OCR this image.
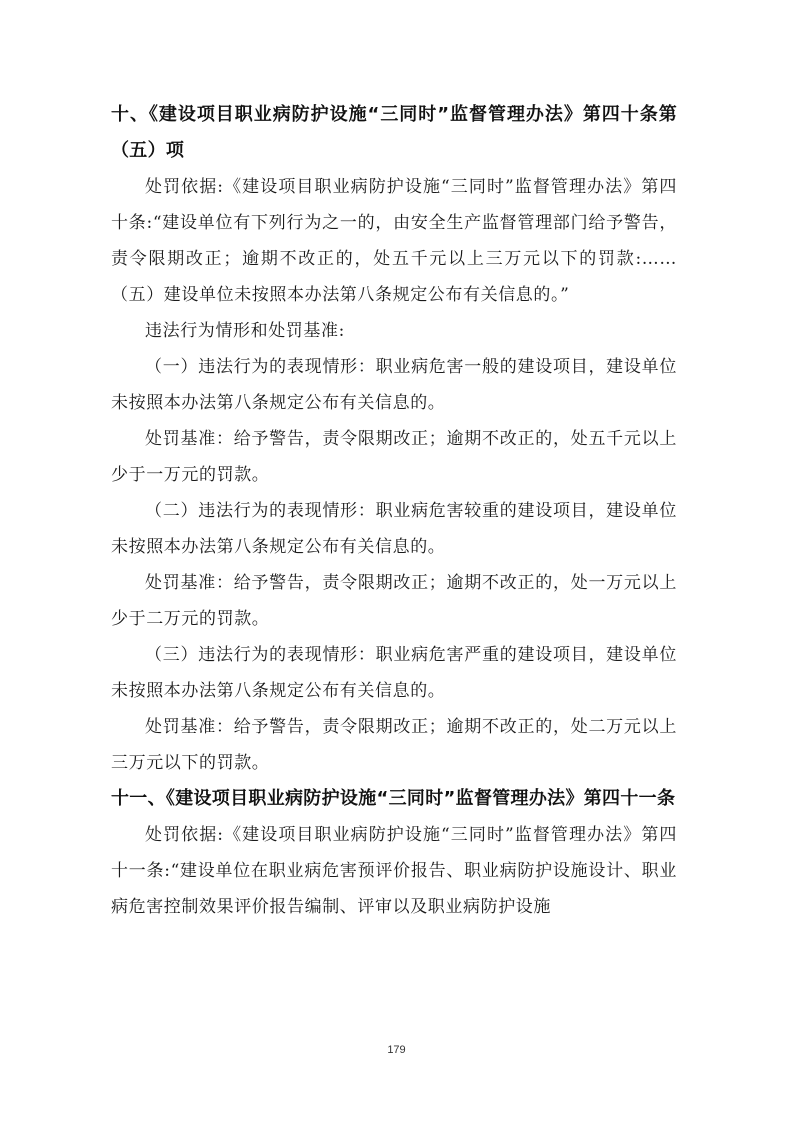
十、《建设项目职业病防护设施“三同时”监督管理办法》第四十条第（五）项

处罚依据:《建设项目职业病防护设施“三同时”监督管理办法》第四十条:“建设单位有下列行为之一的，由安全生产监督管理部门给予警告，责令限期改正；逾期不改正的，处五千元以上三万元以下的罚款:……（五）建设单位未按照本办法第八条规定公布有关信息的。”

违法行为情形和处罚基准:

（一）违法行为的表现情形：职业病危害一般的建设项目，建设单位未按照本办法第八条规定公布有关信息的。

处罚基准：给予警告，责令限期改正；逾期不改正的，处五千元以上少于一万元的罚款。

（二）违法行为的表现情形：职业病危害较重的建设项目，建设单位未按照本办法第八条规定公布有关信息的。

处罚基准：给予警告，责令限期改正；逾期不改正的，处一万元以上少于二万元的罚款。

（三）违法行为的表现情形：职业病危害严重的建设项目，建设单位未按照本办法第八条规定公布有关信息的。

处罚基准：给予警告，责令限期改正；逾期不改正的，处二万元以上三万元以下的罚款。

十一、《建设项目职业病防护设施“三同时”监督管理办法》第四十一条

处罚依据:《建设项目职业病防护设施“三同时”监督管理办法》第四十一条:“建设单位在职业病危害预评价报告、职业病防护设施设计、职业病危害控制效果评价报告编制、评审以及职业病防护设施

179
